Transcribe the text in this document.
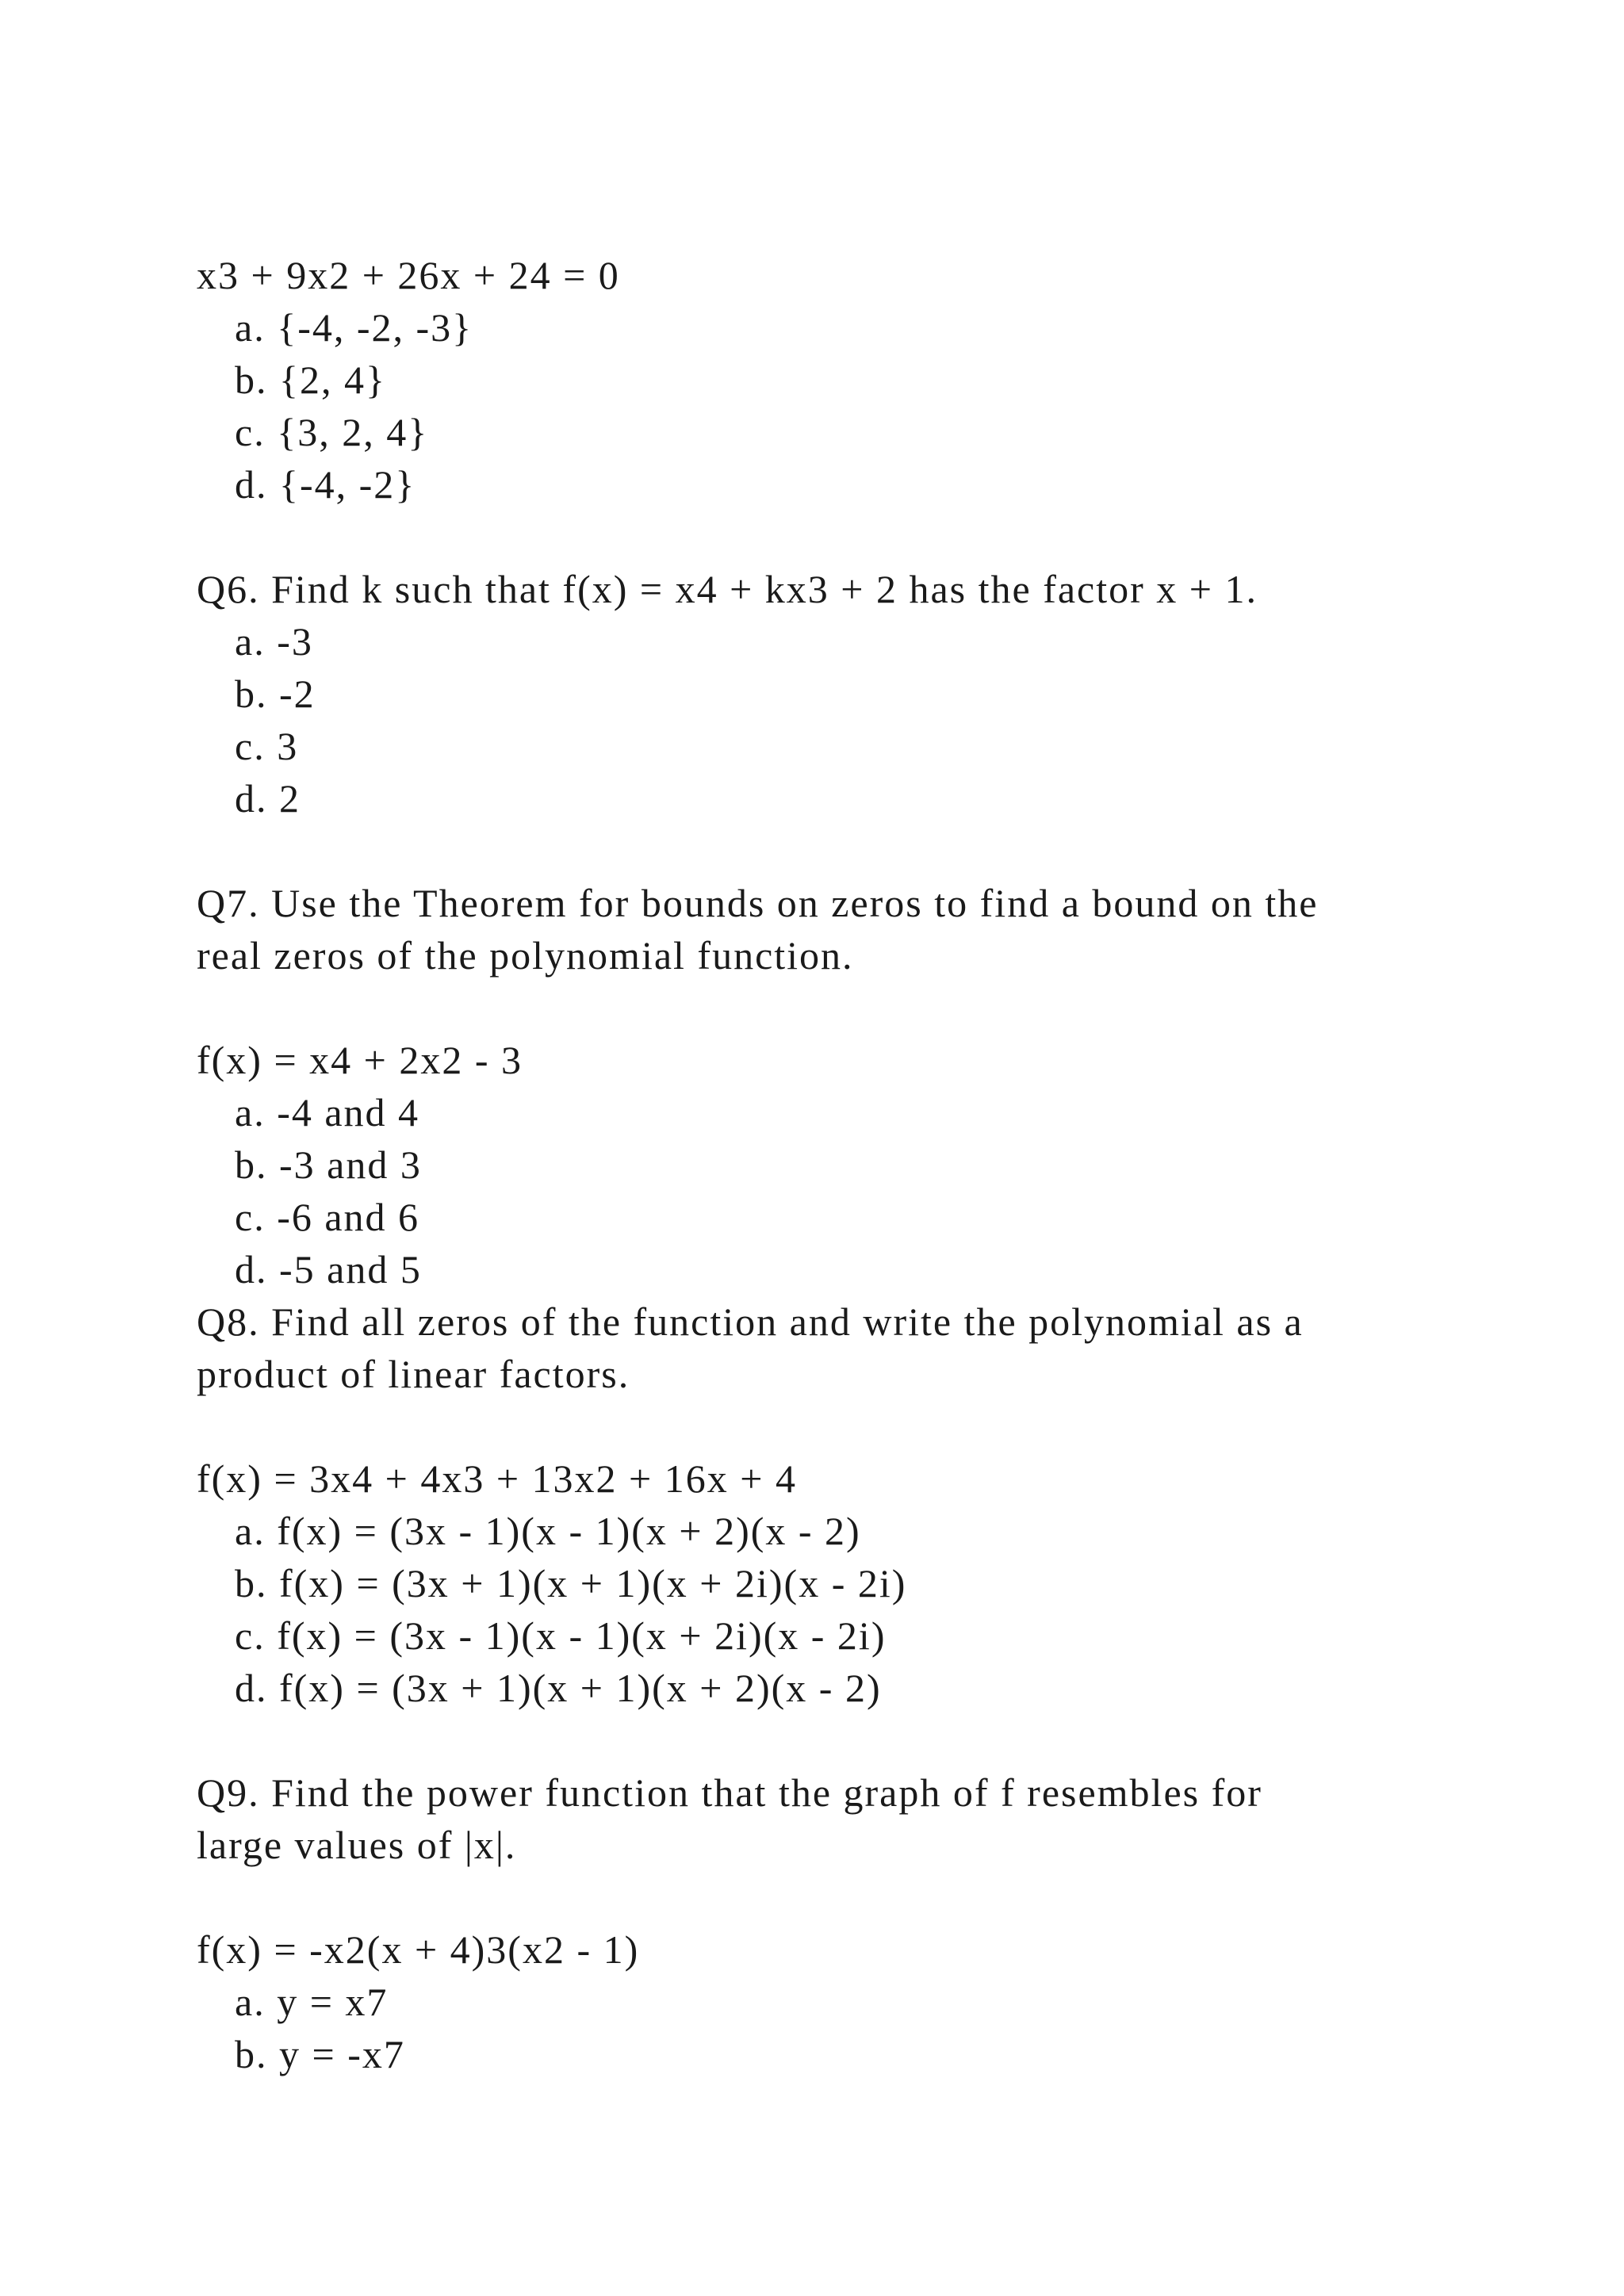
x3 + 9x2 + 26x + 24 = 0
a. {-4, -2, -3}
b. {2, 4}
c. {3, 2, 4}
d. {-4, -2}
Q6. Find k such that f(x) = x4 + kx3 + 2 has the factor x + 1.
a. -3
b. -2
c. 3
d. 2
Q7. Use the Theorem for bounds on zeros to find a bound on the
real zeros of the polynomial function.
f(x) = x4 + 2x2 - 3
a. -4 and 4
b. -3 and 3
c. -6 and 6
d. -5 and 5
Q8. Find all zeros of the function and write the polynomial as a
product of linear factors.
f(x) = 3x4 + 4x3 + 13x2 + 16x + 4
a. f(x) = (3x - 1)(x - 1)(x + 2)(x - 2)
b. f(x) = (3x + 1)(x + 1)(x + 2i)(x - 2i)
c. f(x) = (3x - 1)(x - 1)(x + 2i)(x - 2i)
d. f(x) = (3x + 1)(x + 1)(x + 2)(x - 2)
Q9. Find the power function that the graph of f resembles for
large values of |x|.
f(x) = -x2(x + 4)3(x2 - 1)
a. y = x7
b. y = -x7
